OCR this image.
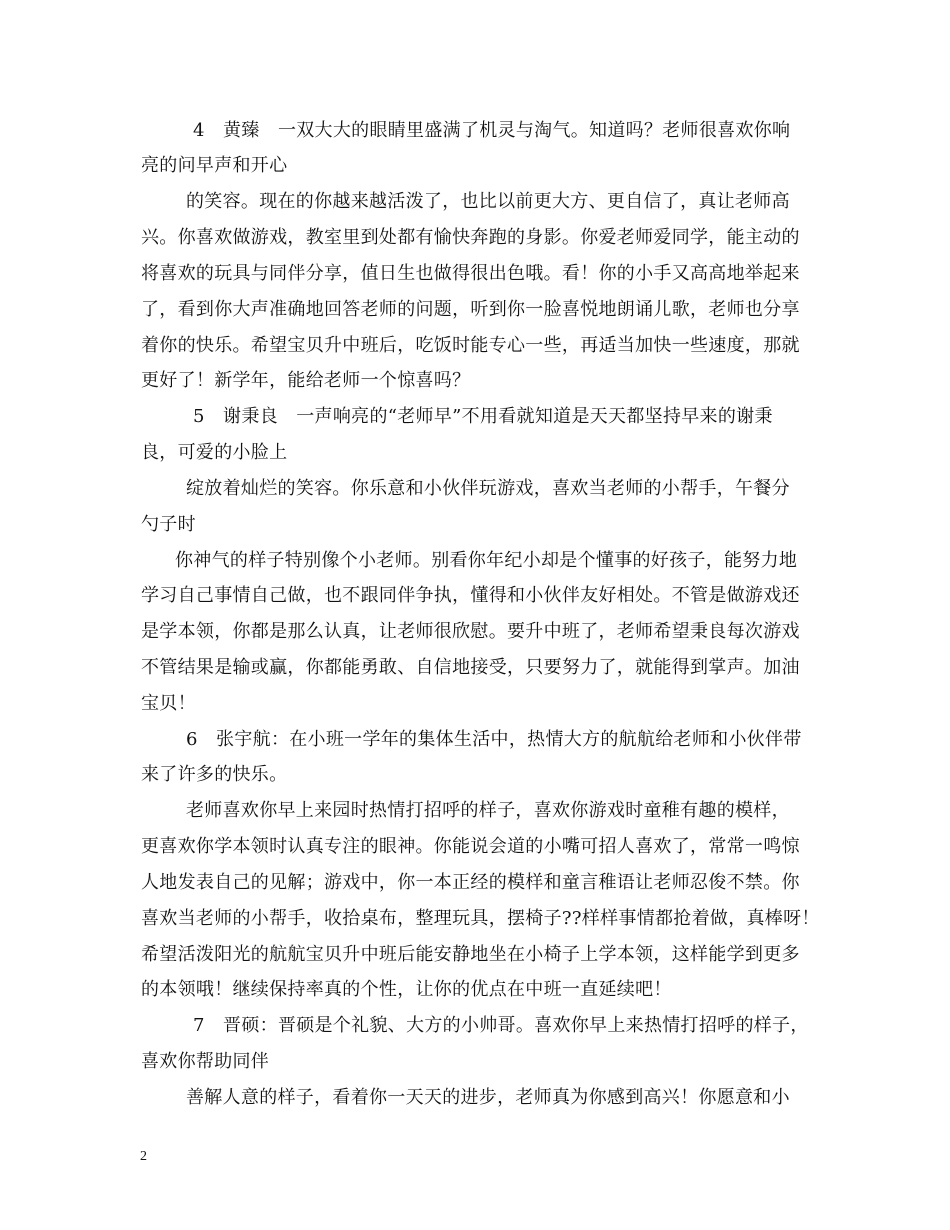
4　黄臻　一双大大的眼睛里盛满了机灵与淘气。知道吗？老师很喜欢你响
亮的问早声和开心
的笑容。现在的你越来越活泼了，也比以前更大方、更自信了，真让老师高
兴。你喜欢做游戏，教室里到处都有愉快奔跑的身影。你爱老师爱同学，能主动的
将喜欢的玩具与同伴分享，值日生也做得很出色哦。看！你的小手又高高地举起来
了，看到你大声准确地回答老师的问题，听到你一脸喜悦地朗诵儿歌，老师也分享
着你的快乐。希望宝贝升中班后，吃饭时能专心一些，再适当加快一些速度，那就
更好了！新学年，能给老师一个惊喜吗？
5　谢秉良　一声响亮的“老师早”不用看就知道是天天都坚持早来的谢秉
良，可爱的小脸上
绽放着灿烂的笑容。你乐意和小伙伴玩游戏，喜欢当老师的小帮手，午餐分
勺子时
你神气的样子特别像个小老师。别看你年纪小却是个懂事的好孩子，能努力地
学习自己事情自己做，也不跟同伴争执，懂得和小伙伴友好相处。不管是做游戏还
是学本领，你都是那么认真，让老师很欣慰。要升中班了，老师希望秉良每次游戏
不管结果是输或赢，你都能勇敢、自信地接受，只要努力了，就能得到掌声。加油
宝贝！
6　张宇航：在小班一学年的集体生活中，热情大方的航航给老师和小伙伴带
来了许多的快乐。
老师喜欢你早上来园时热情打招呼的样子，喜欢你游戏时童稚有趣的模样，
更喜欢你学本领时认真专注的眼神。你能说会道的小嘴可招人喜欢了，常常一鸣惊
人地发表自己的见解；游戏中，你一本正经的模样和童言稚语让老师忍俊不禁。你
喜欢当老师的小帮手，收拾桌布，整理玩具，摆椅子??样样事情都抢着做，真棒呀！
希望活泼阳光的航航宝贝升中班后能安静地坐在小椅子上学本领，这样能学到更多
的本领哦！继续保持率真的个性，让你的优点在中班一直延续吧！
7　晋硕：晋硕是个礼貌、大方的小帅哥。喜欢你早上来热情打招呼的样子，
喜欢你帮助同伴
善解人意的样子，看着你一天天的进步，老师真为你感到高兴！你愿意和小
2
